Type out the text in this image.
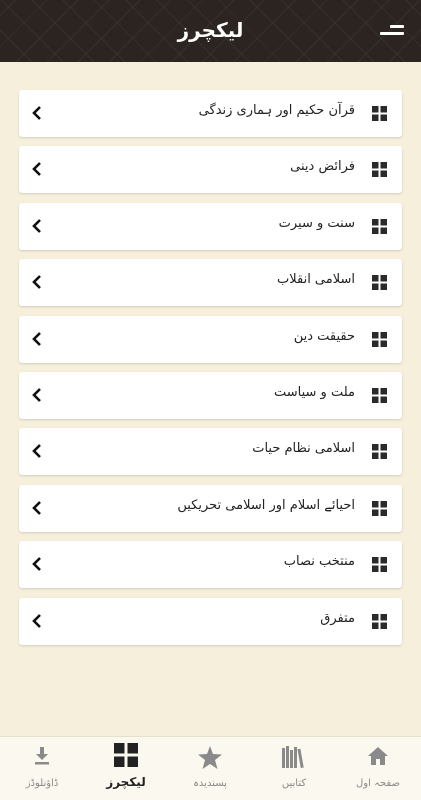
لیکچرز
قرآن حکیم اور ہماری زندگی
فرائض دینی
سنت و سیرت
اسلامی انقلاب
حقیقت دین
ملت و سیاست
اسلامی نظام حیات
احیائے اسلام اور اسلامی تحریکیں
منتخب نصاب
متفرق
ڈاؤنلوڈز	لیکچرز	پسندیدہ	کتابیں	صفحہ اول
